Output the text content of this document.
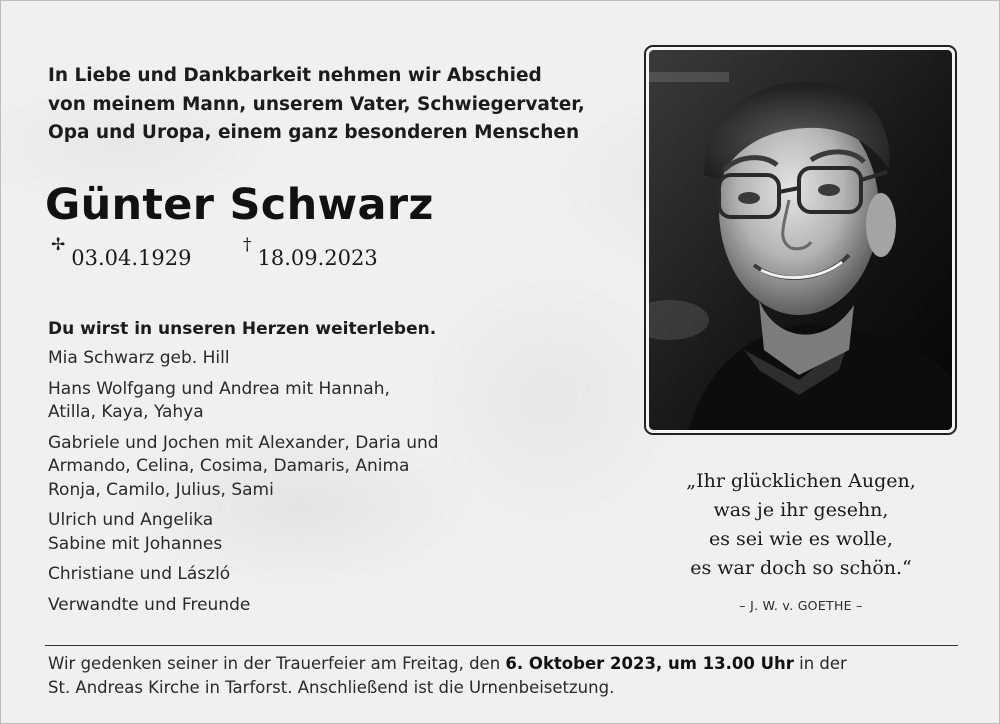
In Liebe und Dankbarkeit nehmen wir Abschied
von meinem Mann, unserem Vater, Schwiegervater,
Opa und Uropa, einem ganz besonderen Menschen
Günter Schwarz
✢03.04.1929
†18.09.2023
Du wirst in unseren Herzen weiterleben.
Mia Schwarz geb. Hill
Hans Wolfgang und Andrea mit Hannah,
Atilla, Kaya, Yahya
Gabriele und Jochen mit Alexander, Daria und
Armando, Celina, Cosima, Damaris, Anima
Ronja, Camilo, Julius, Sami
Ulrich und Angelika
Sabine mit Johannes
Christiane und László
Verwandte und Freunde
„Ihr glücklichen Augen,
was je ihr gesehn,
es sei wie es wolle,
es war doch so schön.“
– J. W. v. GOETHE –
Wir gedenken seiner in der Trauerfeier am Freitag, den 6. Oktober 2023, um 13.00 Uhr in der
St. Andreas Kirche in Tarforst. Anschließend ist die Urnenbeisetzung.
